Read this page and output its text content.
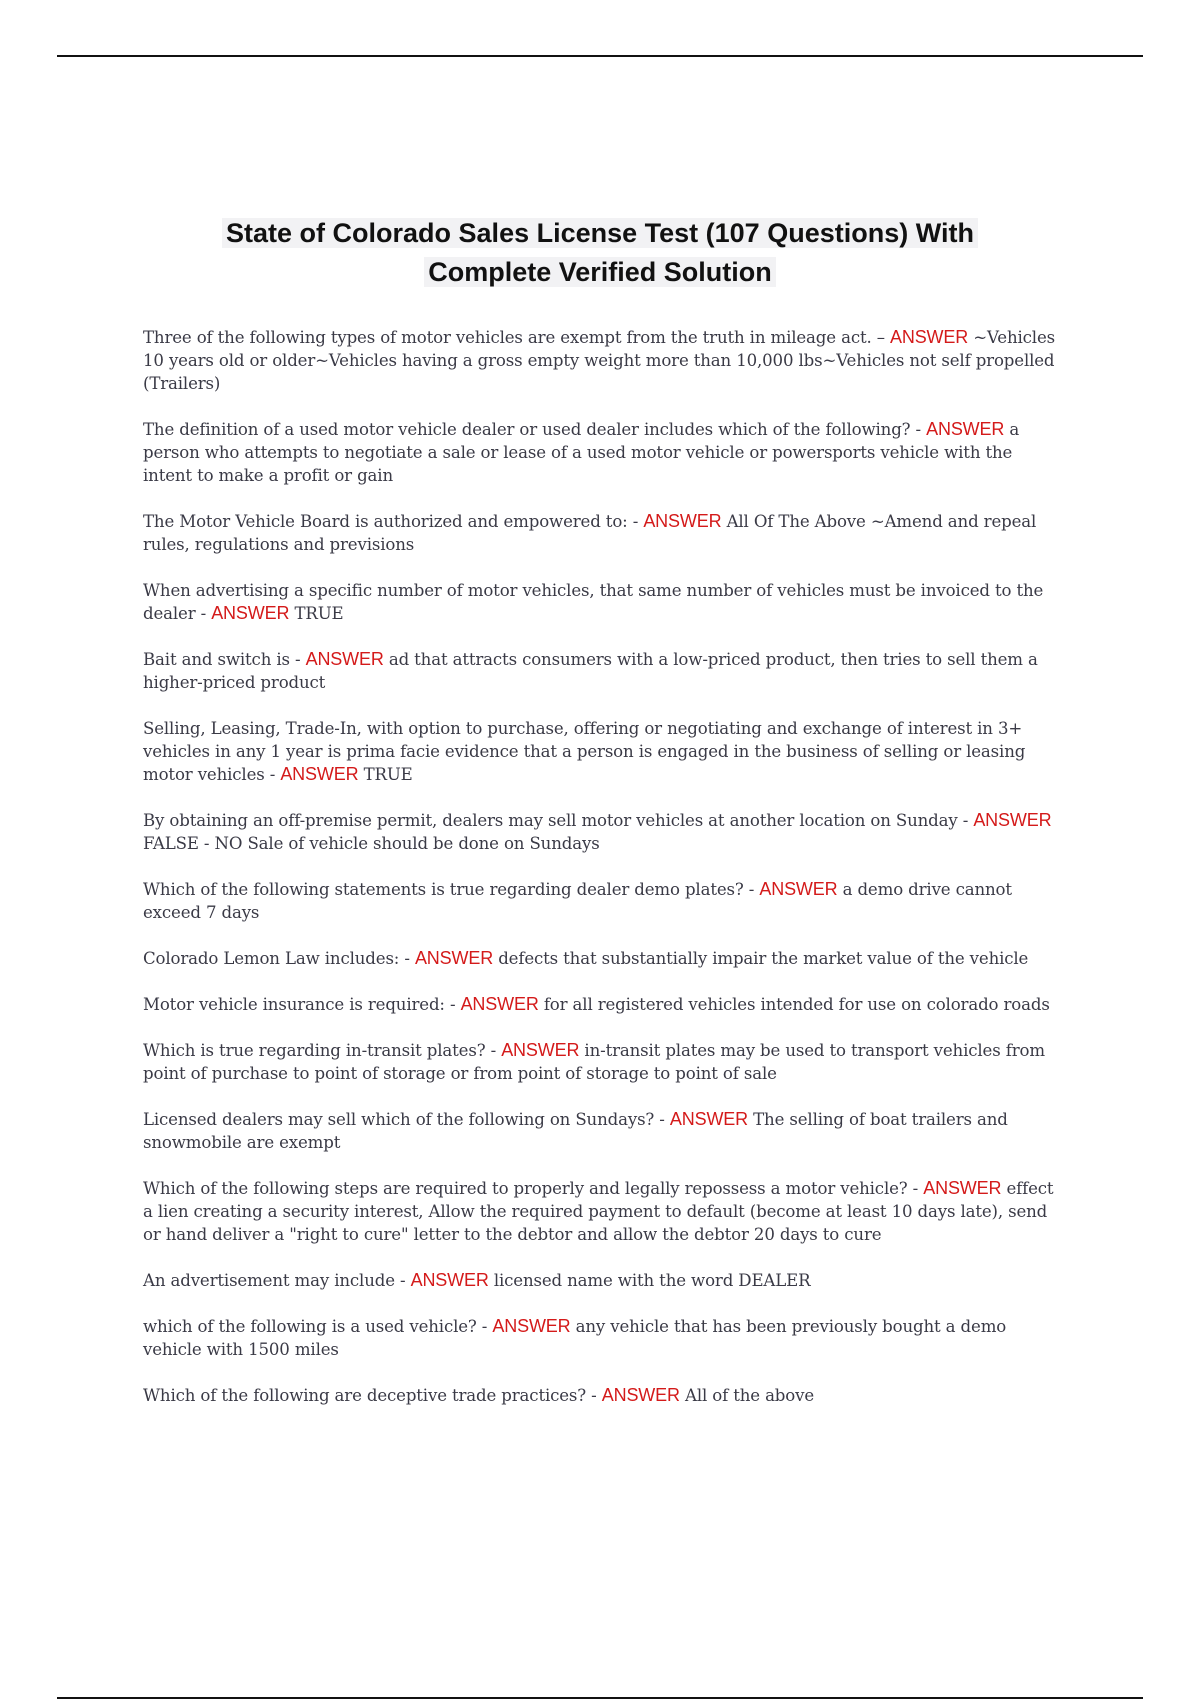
State of Colorado Sales License Test (107 Questions) With
Complete Verified Solution
Three of the following types of motor vehicles are exempt from the truth in mileage act. – ANSWER ~Vehicles 10 years old or older~Vehicles having a gross empty weight more than 10,000 lbs~Vehicles not self propelled (Trailers)
The definition of a used motor vehicle dealer or used dealer includes which of the following? - ANSWER a person who attempts to negotiate a sale or lease of a used motor vehicle or powersports vehicle with the intent to make a profit or gain
The Motor Vehicle Board is authorized and empowered to: - ANSWER All Of The Above ~Amend and repeal rules, regulations and previsions
When advertising a specific number of motor vehicles, that same number of vehicles must be invoiced to the dealer - ANSWER TRUE
Bait and switch is - ANSWER ad that attracts consumers with a low-priced product, then tries to sell them a higher-priced product
Selling, Leasing, Trade-In, with option to purchase, offering or negotiating and exchange of interest in 3+ vehicles in any 1 year is prima facie evidence that a person is engaged in the business of selling or leasing motor vehicles - ANSWER TRUE
By obtaining an off-premise permit, dealers may sell motor vehicles at another location on Sunday - ANSWER FALSE - NO Sale of vehicle should be done on Sundays
Which of the following statements is true regarding dealer demo plates? - ANSWER a demo drive cannot exceed 7 days
Colorado Lemon Law includes: - ANSWER defects that substantially impair the market value of the vehicle
Motor vehicle insurance is required: - ANSWER for all registered vehicles intended for use on colorado roads
Which is true regarding in-transit plates? - ANSWER in-transit plates may be used to transport vehicles from point of purchase to point of storage or from point of storage to point of sale
Licensed dealers may sell which of the following on Sundays? - ANSWER The selling of boat trailers and snowmobile are exempt
Which of the following steps are required to properly and legally repossess a motor vehicle? - ANSWER effect a lien creating a security interest, Allow the required payment to default (become at least 10 days late), send or hand deliver a "right to cure" letter to the debtor and allow the debtor 20 days to cure
An advertisement may include - ANSWER licensed name with the word DEALER
which of the following is a used vehicle? - ANSWER any vehicle that has been previously bought a demo vehicle with 1500 miles
Which of the following are deceptive trade practices? - ANSWER All of the above
